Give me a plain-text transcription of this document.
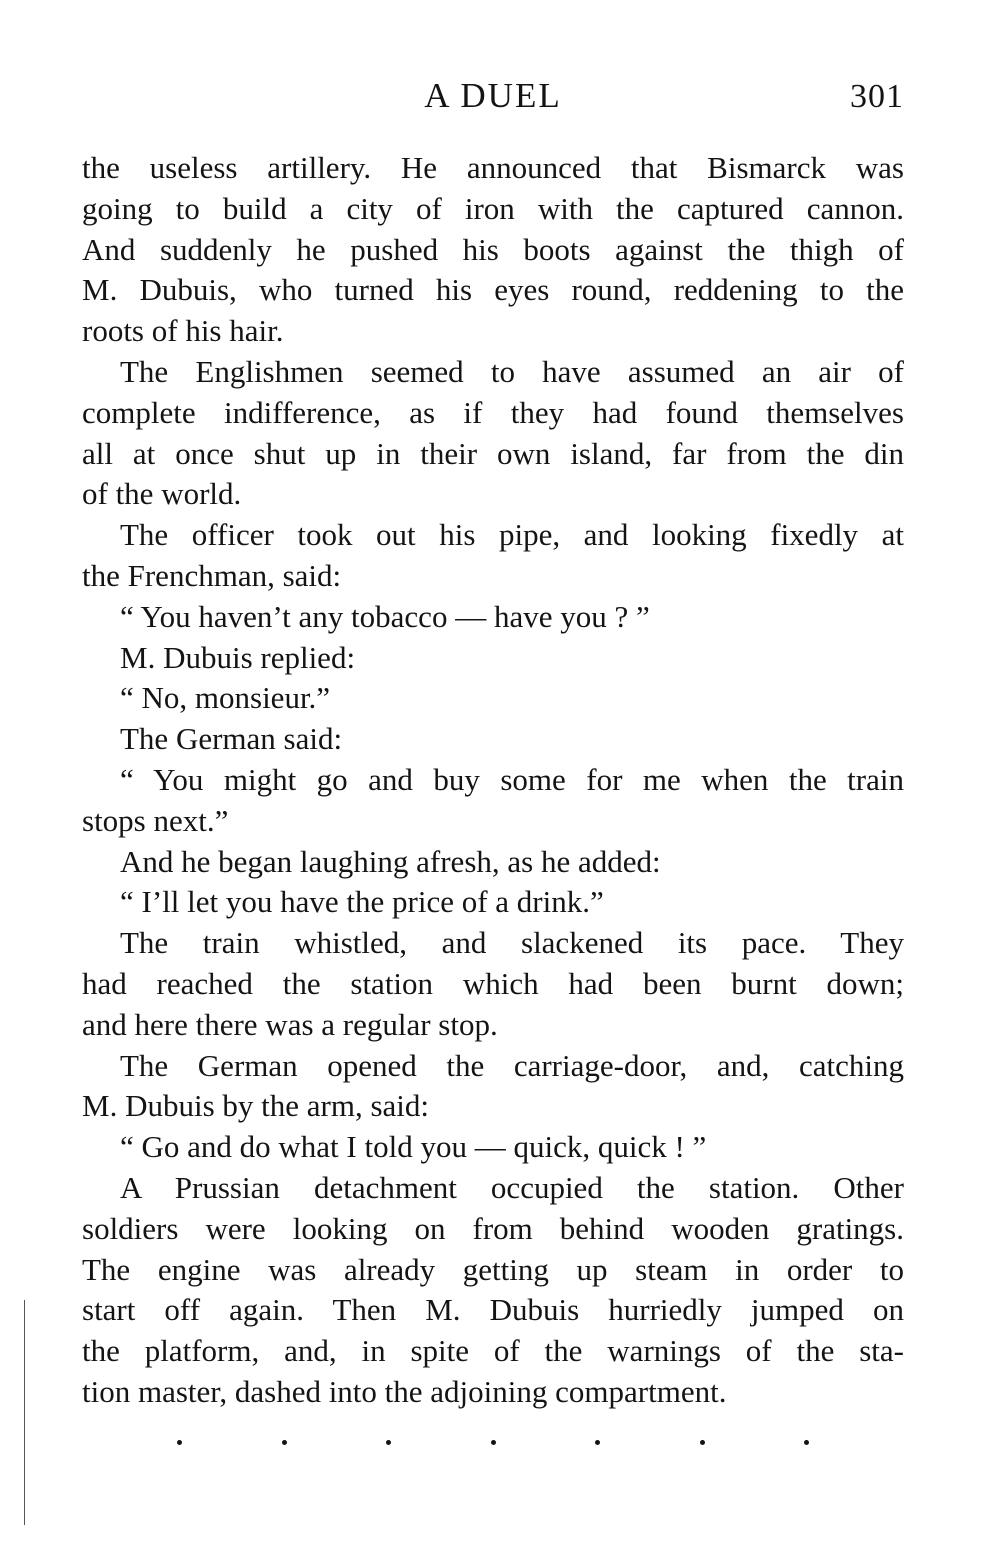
A DUEL	301
the useless artillery. He announced that Bismarck was
going to build a city of iron with the captured cannon.
And suddenly he pushed his boots against the thigh of
M. Dubuis, who turned his eyes round, reddening to the
roots of his hair.
The Englishmen seemed to have assumed an air of
complete indifference, as if they had found themselves
all at once shut up in their own island, far from the din
of the world.
The officer took out his pipe, and looking fixedly at
the Frenchman, said:
“ You haven’t any tobacco — have you ? ”
M. Dubuis replied:
“ No, monsieur.”
The German said:
“ You might go and buy some for me when the train
stops next.”
And he began laughing afresh, as he added:
“ I’ll let you have the price of a drink.”
The train whistled, and slackened its pace. They
had reached the station which had been burnt down;
and here there was a regular stop.
The German opened the carriage-door, and, catching
M. Dubuis by the arm, said:
“ Go and do what I told you — quick, quick ! ”
A Prussian detachment occupied the station. Other
soldiers were looking on from behind wooden gratings.
The engine was already getting up steam in order to
start off again. Then M. Dubuis hurriedly jumped on
the platform, and, in spite of the warnings of the sta-
tion master, dashed into the adjoining compartment.
